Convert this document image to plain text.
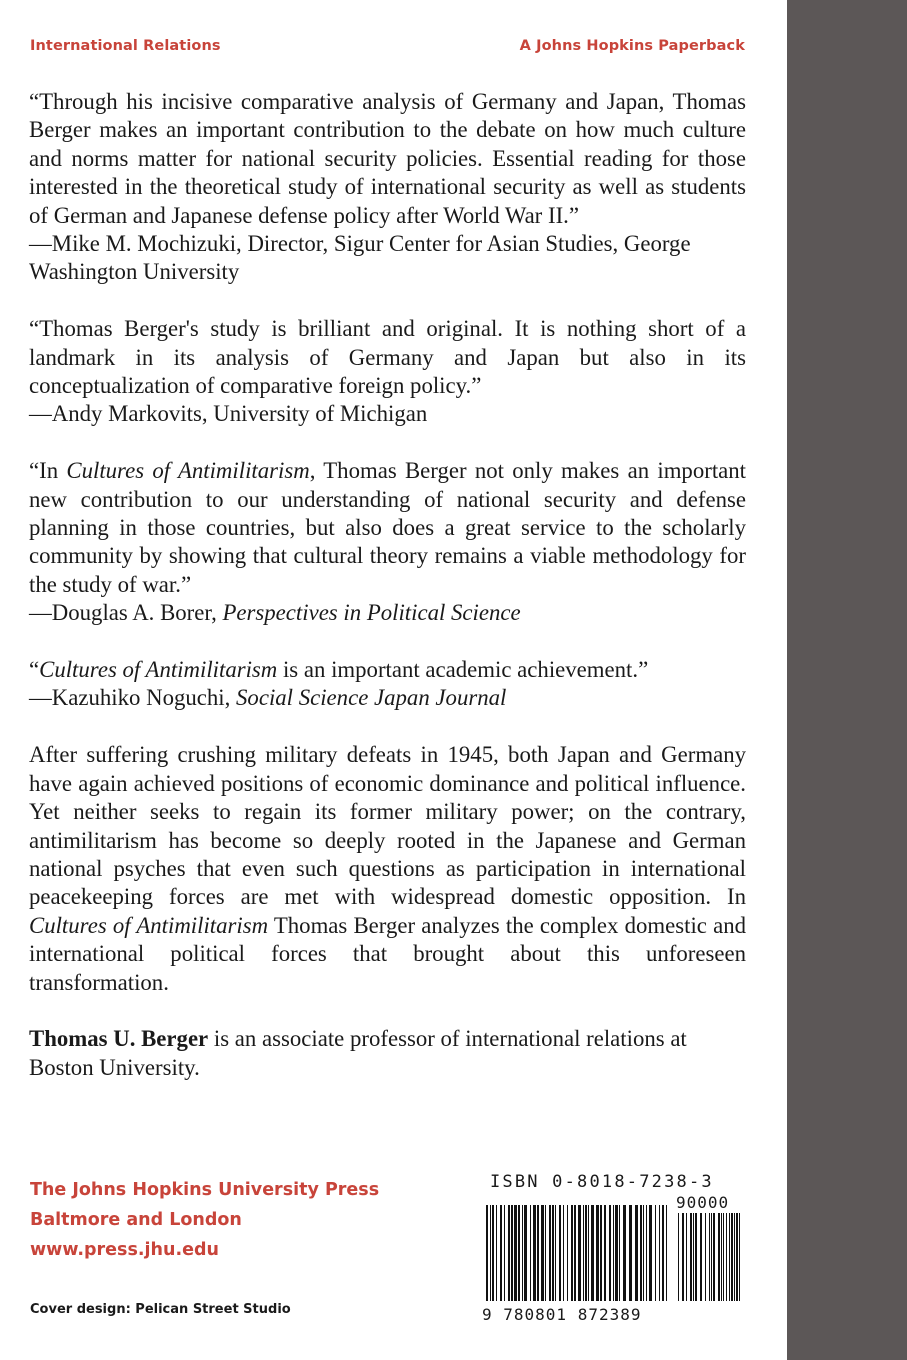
International Relations	A Johns Hopkins Paperback

“Through his incisive comparative analysis of Germany and Japan, Thomas Berger makes an important contribution to the debate on how much culture and norms matter for national security policies. Essential reading for those interested in the theoretical study of international security as well as students of German and Japanese defense policy after World War II.”

—Mike M. Mochizuki, Director, Sigur Center for Asian Studies, George Washington University

“Thomas Berger's study is brilliant and original. It is nothing short of a landmark in its analysis of Germany and Japan but also in its conceptualization of comparative foreign policy.”

—Andy Markovits, University of Michigan

“In Cultures of Antimilitarism, Thomas Berger not only makes an important new contribution to our understanding of national security and defense planning in those countries, but also does a great service to the scholarly community by showing that cultural theory remains a viable methodology for the study of war.”

—Douglas A. Borer, Perspectives in Political Science

“Cultures of Antimilitarism is an important academic achievement.”

—Kazuhiko Noguchi, Social Science Japan Journal

After suffering crushing military defeats in 1945, both Japan and Germany have again achieved positions of economic dominance and political influence. Yet neither seeks to regain its former military power; on the contrary, antimilitarism has become so deeply rooted in the Japanese and German national psyches that even such questions as participation in international peacekeeping forces are met with widespread domestic opposition. In Cultures of Antimilitarism Thomas Berger analyzes the complex domestic and international political forces that brought about this unforeseen transformation.

Thomas U. Berger is an associate professor of international relations at Boston University.

The Johns Hopkins University Press
Baltmore and London
www.press.jhu.edu
Cover design: Pelican Street Studio
ISBN 0-8018-7238-3
90000
9 780801 872389
